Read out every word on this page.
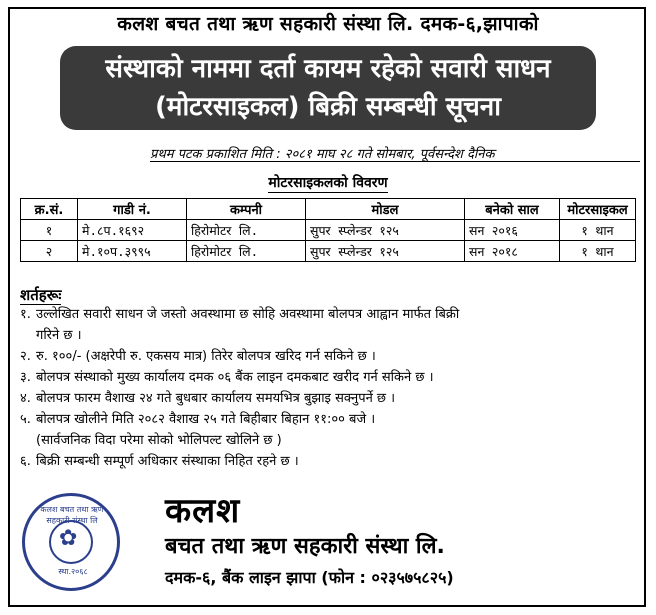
कलश बचत तथा ऋण सहकारी संस्था लि. दमक-६,झापाको
संस्थाको नाममा दर्ता कायम रहेको सवारी साधन
(मोटरसाइकल) बिक्री सम्बन्धी सूचना
प्रथम पटक प्रकाशित मिति : २०८१ माघ २८ गते सोमबार, पूर्वसन्देश दैनिक
मोटरसाइकलको विवरण
क्र.सं.	गाडी नं.	कम्पनी	मोडल	बनेको साल	मोटरसाइकल
१	मे.८प.१६९२	हिरोमोटर लि.	सुपर स्प्लेन्डर १२५	सन २०१६	१ थान
२	मे.१०प.३९९५	हिरोमोटर लि.	सुपर स्प्लेन्डर १२५	सन २०१८	१ थान
शर्तहरूः
१. उल्लेखित सवारी साधन जे जस्तो अवस्थामा छ सोहि अवस्थामा बोलपत्र आह्वान मार्फत बिक्री
गरिने छ ।
२. रु. १००/- (अक्षरेपी रु. एकसय मात्र) तिरेर बोलपत्र खरिद गर्न सकिने छ ।
३. बोलपत्र संस्थाको मुख्य कार्यालय दमक ०६ बैंक लाइन दमकबाट खरीद गर्न सकिने छ ।
४. बोलपत्र फारम वैशाख २४ गते बुधबार कार्यालय समयभित्र बुझाइ सक्नुपर्ने छ ।
५. बोलपत्र खोलीने मिति २०८२ वैशाख २५ गते बिहीबार बिहान ११:०० बजे ।
(सार्वजनिक विदा परेमा सोको भोलिपल्ट खोलिने छ )
६. बिक्री सम्बन्धी सम्पूर्ण अधिकार संस्थाका निहित रहने छ ।
कलश बचत तथा ऋण सहकारी संस्था लि
✿
स्था.२०६८
कलश
बचत तथा ऋण सहकारी संस्था लि.
दमक-६, बैंक लाइन झापा (फोन : ०२३५७५८२५)
